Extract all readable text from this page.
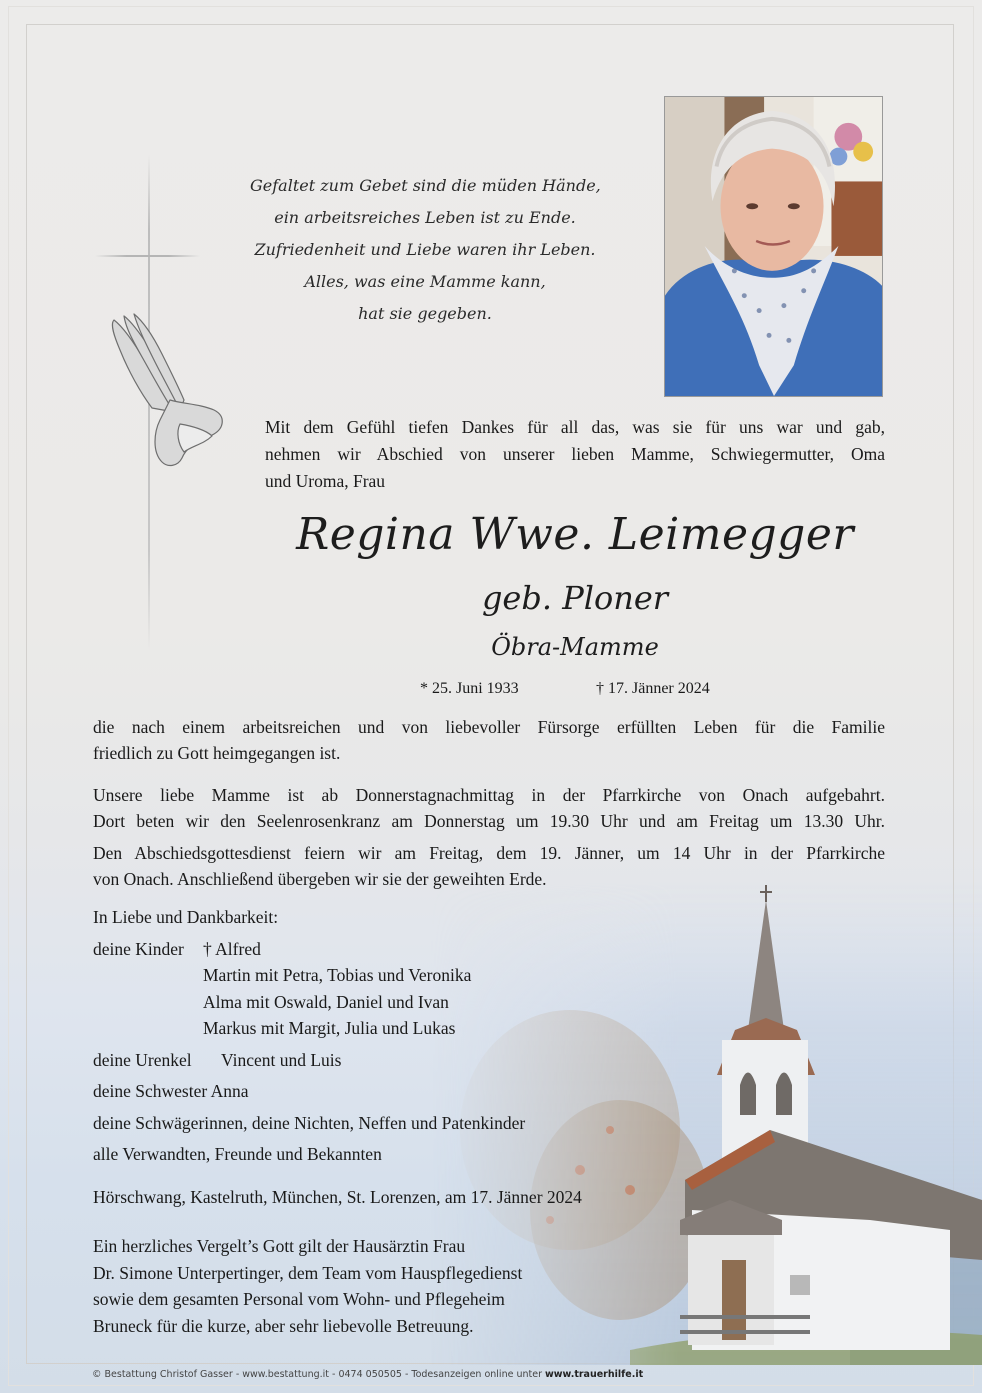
Gefaltet zum Gebet sind die müden Hände,
ein arbeitsreiches Leben ist zu Ende.
Zufriedenheit und Liebe waren ihr Leben.
Alles, was eine Mamme kann,
hat sie gegeben.
Mit dem Gefühl tiefen Dankes für all das, was sie für uns war und gab,
nehmen wir Abschied von unserer lieben Mamme, Schwiegermutter, Oma
und Uroma, Frau
Regina Wwe. Leimegger
geb. Ploner
Öbra-Mamme
* 25. Juni 1933	† 17. Jänner 2024
die nach einem arbeitsreichen und von liebevoller Fürsorge erfüllten Leben für die Familie
friedlich zu Gott heimgegangen ist.
Unsere liebe Mamme ist ab Donnerstagnachmittag in der Pfarrkirche von Onach aufgebahrt.
Dort beten wir den Seelenrosenkranz am Donnerstag um 19.30 Uhr und am Freitag um 13.30 Uhr.
Den Abschiedsgottesdienst feiern wir am Freitag, dem 19. Jänner, um 14 Uhr in der Pfarrkirche
von Onach. Anschließend übergeben wir sie der geweihten Erde.
In Liebe und Dankbarkeit:
deine Kinder † Alfred
Martin mit Petra, Tobias und Veronika
Alma mit Oswald, Daniel und Ivan
Markus mit Margit, Julia und Lukas
deine Urenkel Vincent und Luis
deine Schwester Anna
deine Schwägerinnen, deine Nichten, Neffen und Patenkinder
alle Verwandten, Freunde und Bekannten
Hörschwang, Kastelruth, München, St. Lorenzen, am 17. Jänner 2024
Ein herzliches Vergelt’s Gott gilt der Hausärztin Frau
Dr. Simone Unterpertinger, dem Team vom Hauspflegedienst
sowie dem gesamten Personal vom Wohn- und Pflegeheim
Bruneck für die kurze, aber sehr liebevolle Betreuung.
© Bestattung Christof Gasser - www.bestattung.it - 0474 050505 - Todesanzeigen online unter www.trauerhilfe.it
